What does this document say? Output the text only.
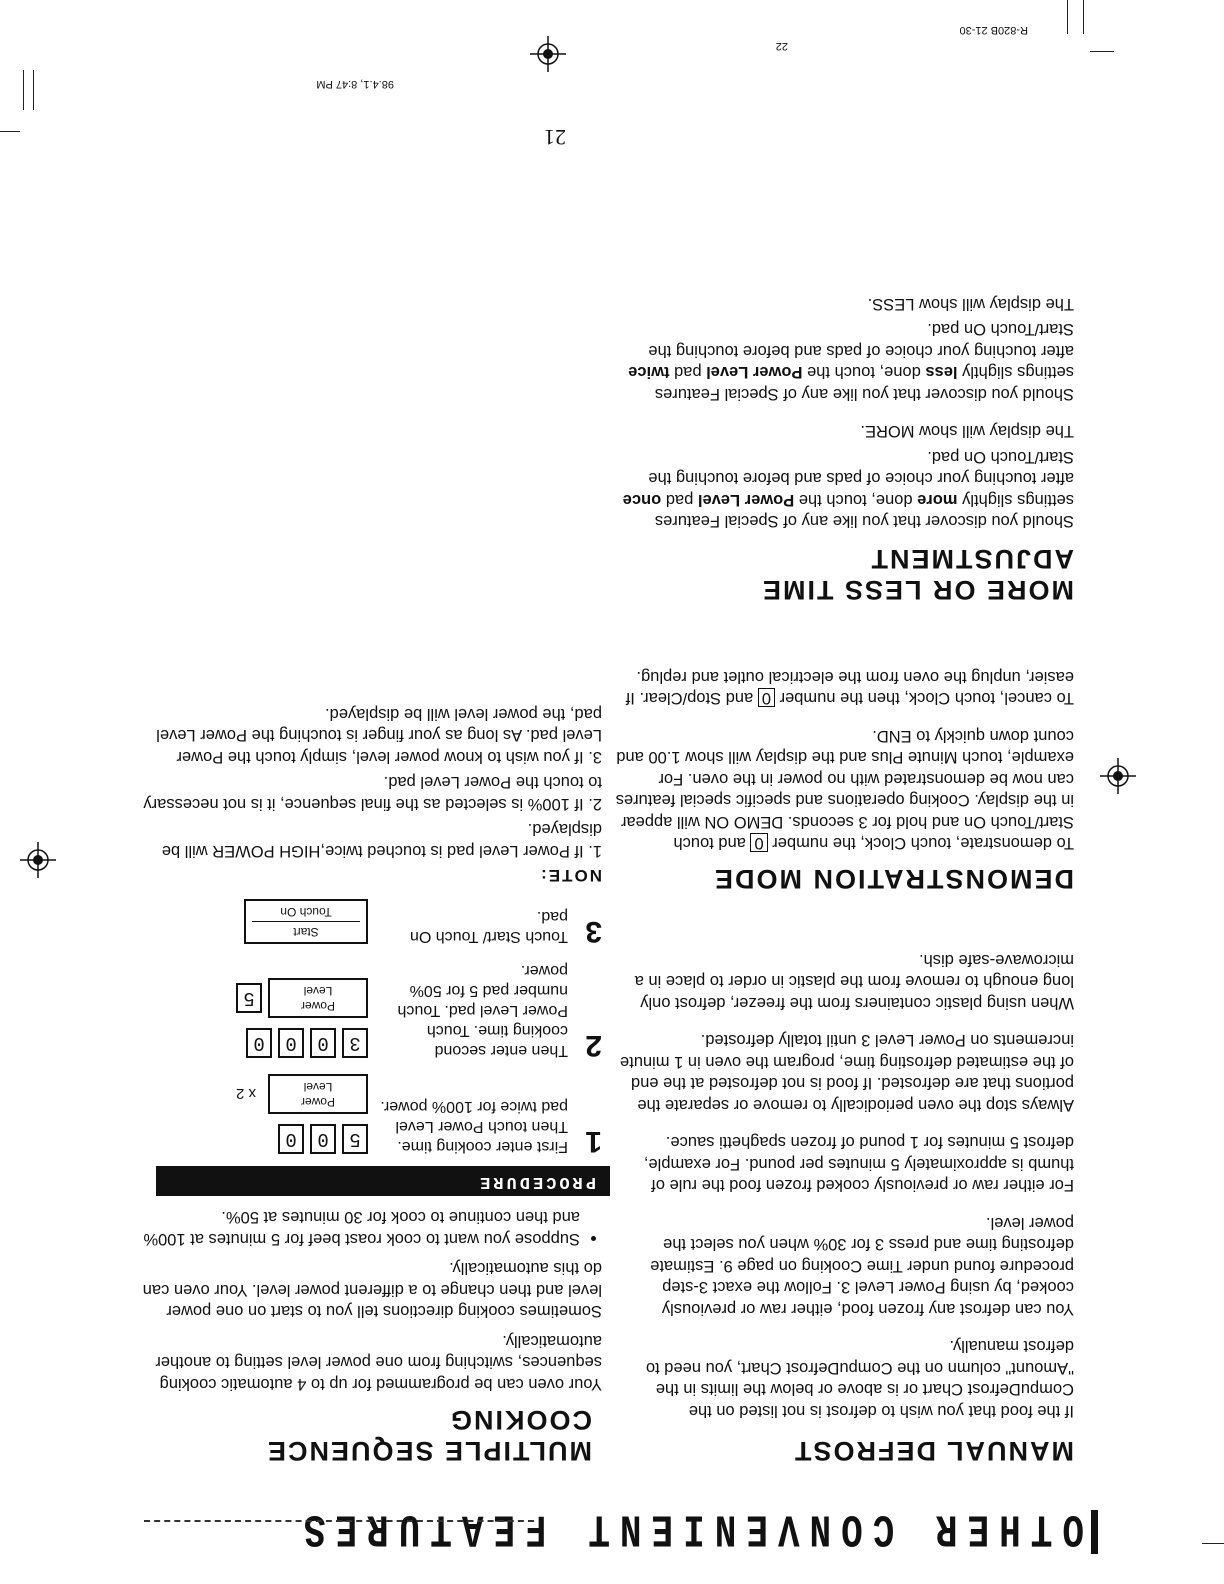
OTHER CONVENIENT FEATURES
MANUAL DEFROST

If the food that you wish to defrost is not listed on the CompuDefrost Chart or is above or below the limits in the "Amount" column on the CompuDefrost Chart, you need to defrost manually.

You can defrost any frozen food, either raw or previously cooked, by using Power Level 3. Follow the exact 3-step procedure found under Time Cooking on page 9. Estimate defrosting time and press 3 for 30% when you select the power level.

For either raw or previously cooked frozen food the rule of thumb is approximately 5 minutes per pound. For example, defrost 5 minutes for 1 pound of frozen spaghetti sauce.

Always stop the oven periodically to remove or separate the portions that are defrosted. If food is not defrosted at the end of the estimated defrosting time, program the oven in 1 minute increments on Power Level 3 until totally defrosted.

When using plastic containers from the freezer, defrost only long enough to remove from the plastic in order to place in a microwave-safe dish.

DEMONSTRATION MODE

To demonstrate, touch Clock, the number 0 and touch Start/Touch On and hold for 3 seconds. DEMO ON will appear in the display. Cooking operations and specific special features can now be demonstrated with no power in the oven. For example, touch Minute Plus and the display will show 1.00 and count down quickly to END.

To cancel, touch Clock, then the number 0 and Stop/Clear. If easier, unplug the oven from the electrical outlet and replug.

MORE OR LESS TIME
ADJUSTMENT

Should you discover that you like any of Special Features settings slightly more done, touch the Power Level pad once after touching your choice of pads and before touching the Start/Touch On pad.

The display will show MORE.

Should you discover that you like any of Special Features settings slightly less done, touch the Power Level pad twice after touching your choice of pads and before touching the Start/Touch On pad.

The display will show LESS.

MULTIPLE SEQUENCE
COOKING

Your oven can be programmed for up to 4 automatic cooking sequences, switching from one power level setting to another automatically.

Sometimes cooking directions tell you to start on one power level and then change to a different power level. Your oven can do this automatically.

• Suppose you want to cook roast beef for 5 minutes at 100% and then continue to cook for 30 minutes at 50%.
PROCEDURE
1
First enter cooking time. Then touch Power Level pad twice for 100% power.
5
0
0
Power
Level
x 2
2
Then enter second cooking time. Touch Power Level pad. Touch number pad 5 for 50% power.
3
0
0
0
Power
Level
5
3
Touch Start/ Touch On pad.
Start
Touch On
NOTE:
1. If Power Level pad is touched twice,HIGH POWER will be displayed.
2. If 100% is selected as the final sequence, it is not necessary to touch the Power Level pad.
3. If you wish to know power level, simply touch the Power Level pad. As long as your finger is touching the Power Level pad, the power level will be displayed.
21
98.4.1, 8:47 PM
R-820B 21-30
22
